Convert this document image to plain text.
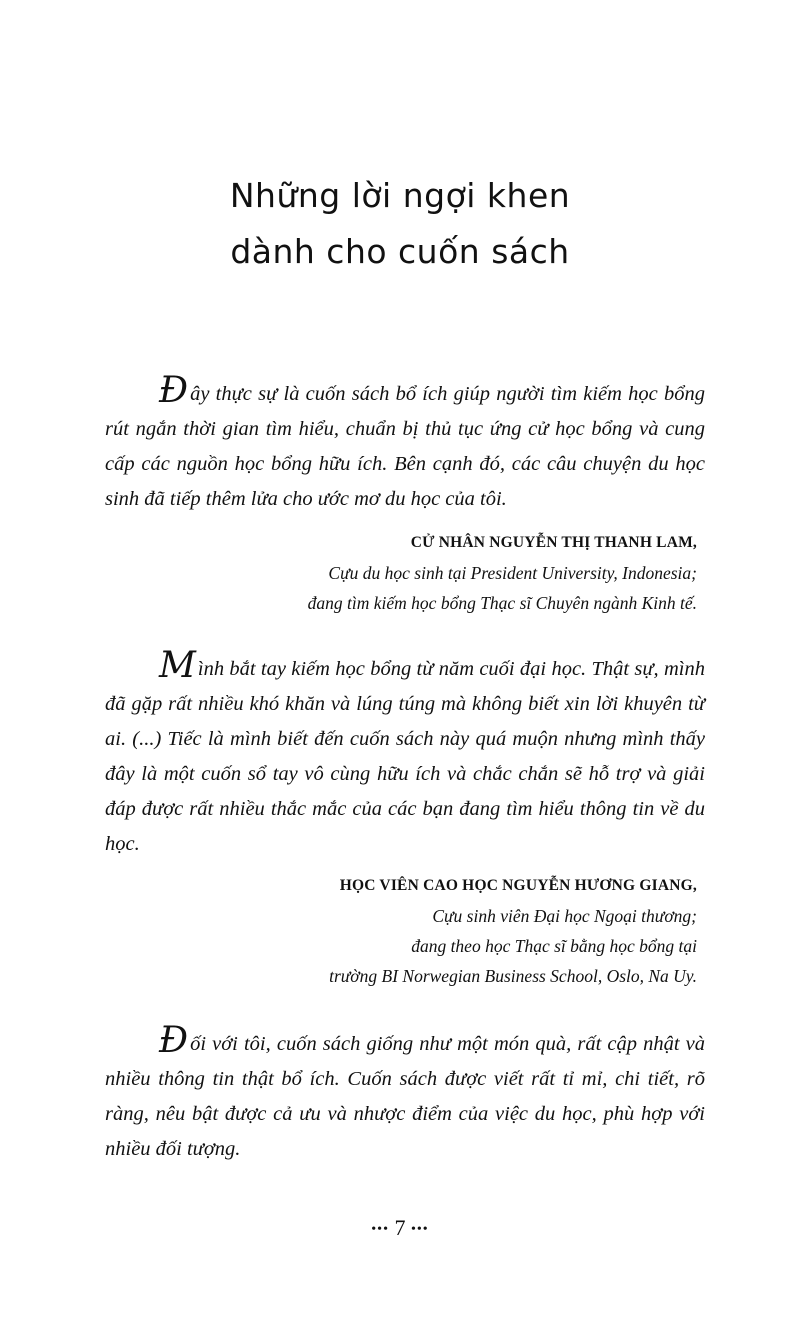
Những lời ngợi khen
dành cho cuốn sách

Đây thực sự là cuốn sách bổ ích giúp người tìm kiếm học bổng rút ngắn thời gian tìm hiểu, chuẩn bị thủ tục ứng cử học bổng và cung cấp các nguồn học bổng hữu ích. Bên cạnh đó, các câu chuyện du học sinh đã tiếp thêm lửa cho ước mơ du học của tôi.

CỬ NHÂN NGUYỄN THỊ THANH LAM,
Cựu du học sinh tại President University, Indonesia;
đang tìm kiếm học bổng Thạc sĩ Chuyên ngành Kinh tế.

Mình bắt tay kiếm học bổng từ năm cuối đại học. Thật sự, mình đã gặp rất nhiều khó khăn và lúng túng mà không biết xin lời khuyên từ ai. (...) Tiếc là mình biết đến cuốn sách này quá muộn nhưng mình thấy đây là một cuốn sổ tay vô cùng hữu ích và chắc chắn sẽ hỗ trợ và giải đáp được rất nhiều thắc mắc của các bạn đang tìm hiểu thông tin về du học.

HỌC VIÊN CAO HỌC NGUYỄN HƯƠNG GIANG,
Cựu sinh viên Đại học Ngoại thương;
đang theo học Thạc sĩ bằng học bổng tại
trường BI Norwegian Business School, Oslo, Na Uy.

Đối với tôi, cuốn sách giống như một món quà, rất cập nhật và nhiều thông tin thật bổ ích. Cuốn sách được viết rất tỉ mỉ, chi tiết, rõ ràng, nêu bật được cả ưu và nhược điểm của việc du học, phù hợp với nhiều đối tượng.

••• 7 •••
